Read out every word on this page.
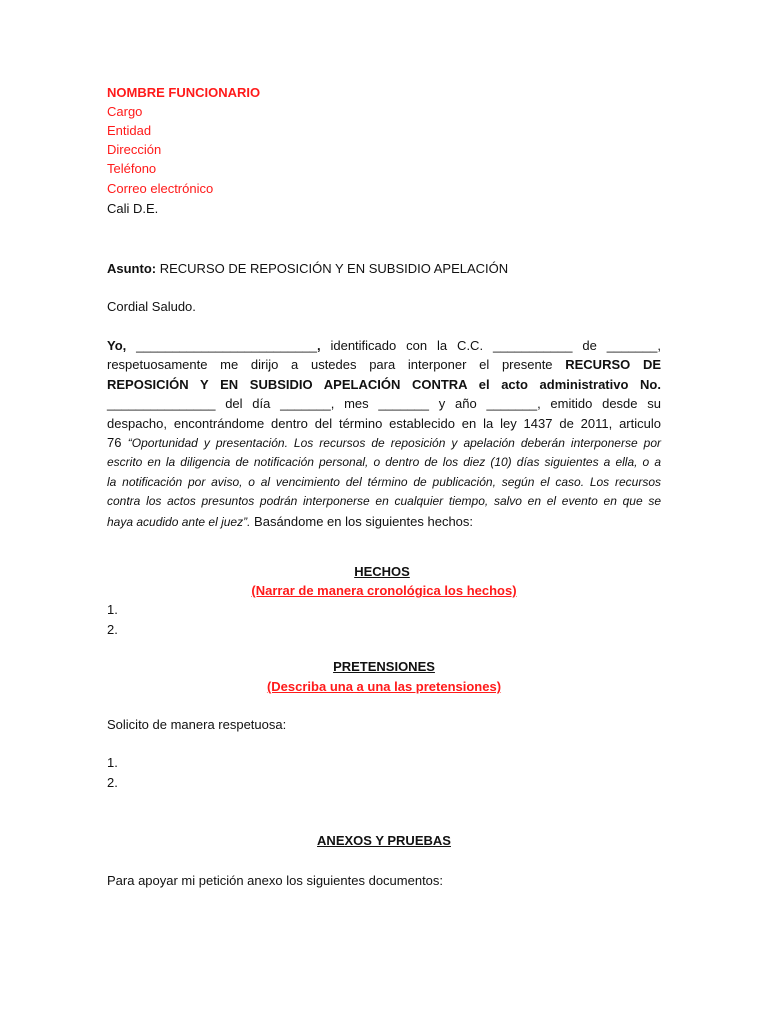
NOMBRE FUNCIONARIO
Cargo
Entidad
Dirección
Teléfono
Correo electrónico
Cali D.E.
Asunto: RECURSO DE REPOSICIÓN Y EN SUBSIDIO APELACIÓN
Cordial Saludo.
Yo, _________________________, identificado con la C.C. ___________ de _______,
respetuosamente me dirijo a ustedes para interponer el presente RECURSO DE
REPOSICIÓN Y EN SUBSIDIO APELACIÓN CONTRA el acto administrativo No.
_______________ del día _______, mes _______ y año _______, emitido desde su
despacho, encontrándome dentro del término establecido en la ley 1437 de 2011, articulo
76 “Oportunidad y presentación. Los recursos de reposición y apelación deberán interponerse por
escrito en la diligencia de notificación personal, o dentro de los diez (10) días siguientes a ella, o a
la notificación por aviso, o al vencimiento del término de publicación, según el caso. Los recursos
contra los actos presuntos podrán interponerse en cualquier tiempo, salvo en el evento en que se
haya acudido ante el juez”. Basándome en los siguientes hechos:
HECHOS
(Narrar de manera cronológica los hechos)
1.
2.
PRETENSIONES
(Describa una a una las pretensiones)
Solicito de manera respetuosa:
1.
2.
ANEXOS Y PRUEBAS
Para apoyar mi petición anexo los siguientes documentos:
